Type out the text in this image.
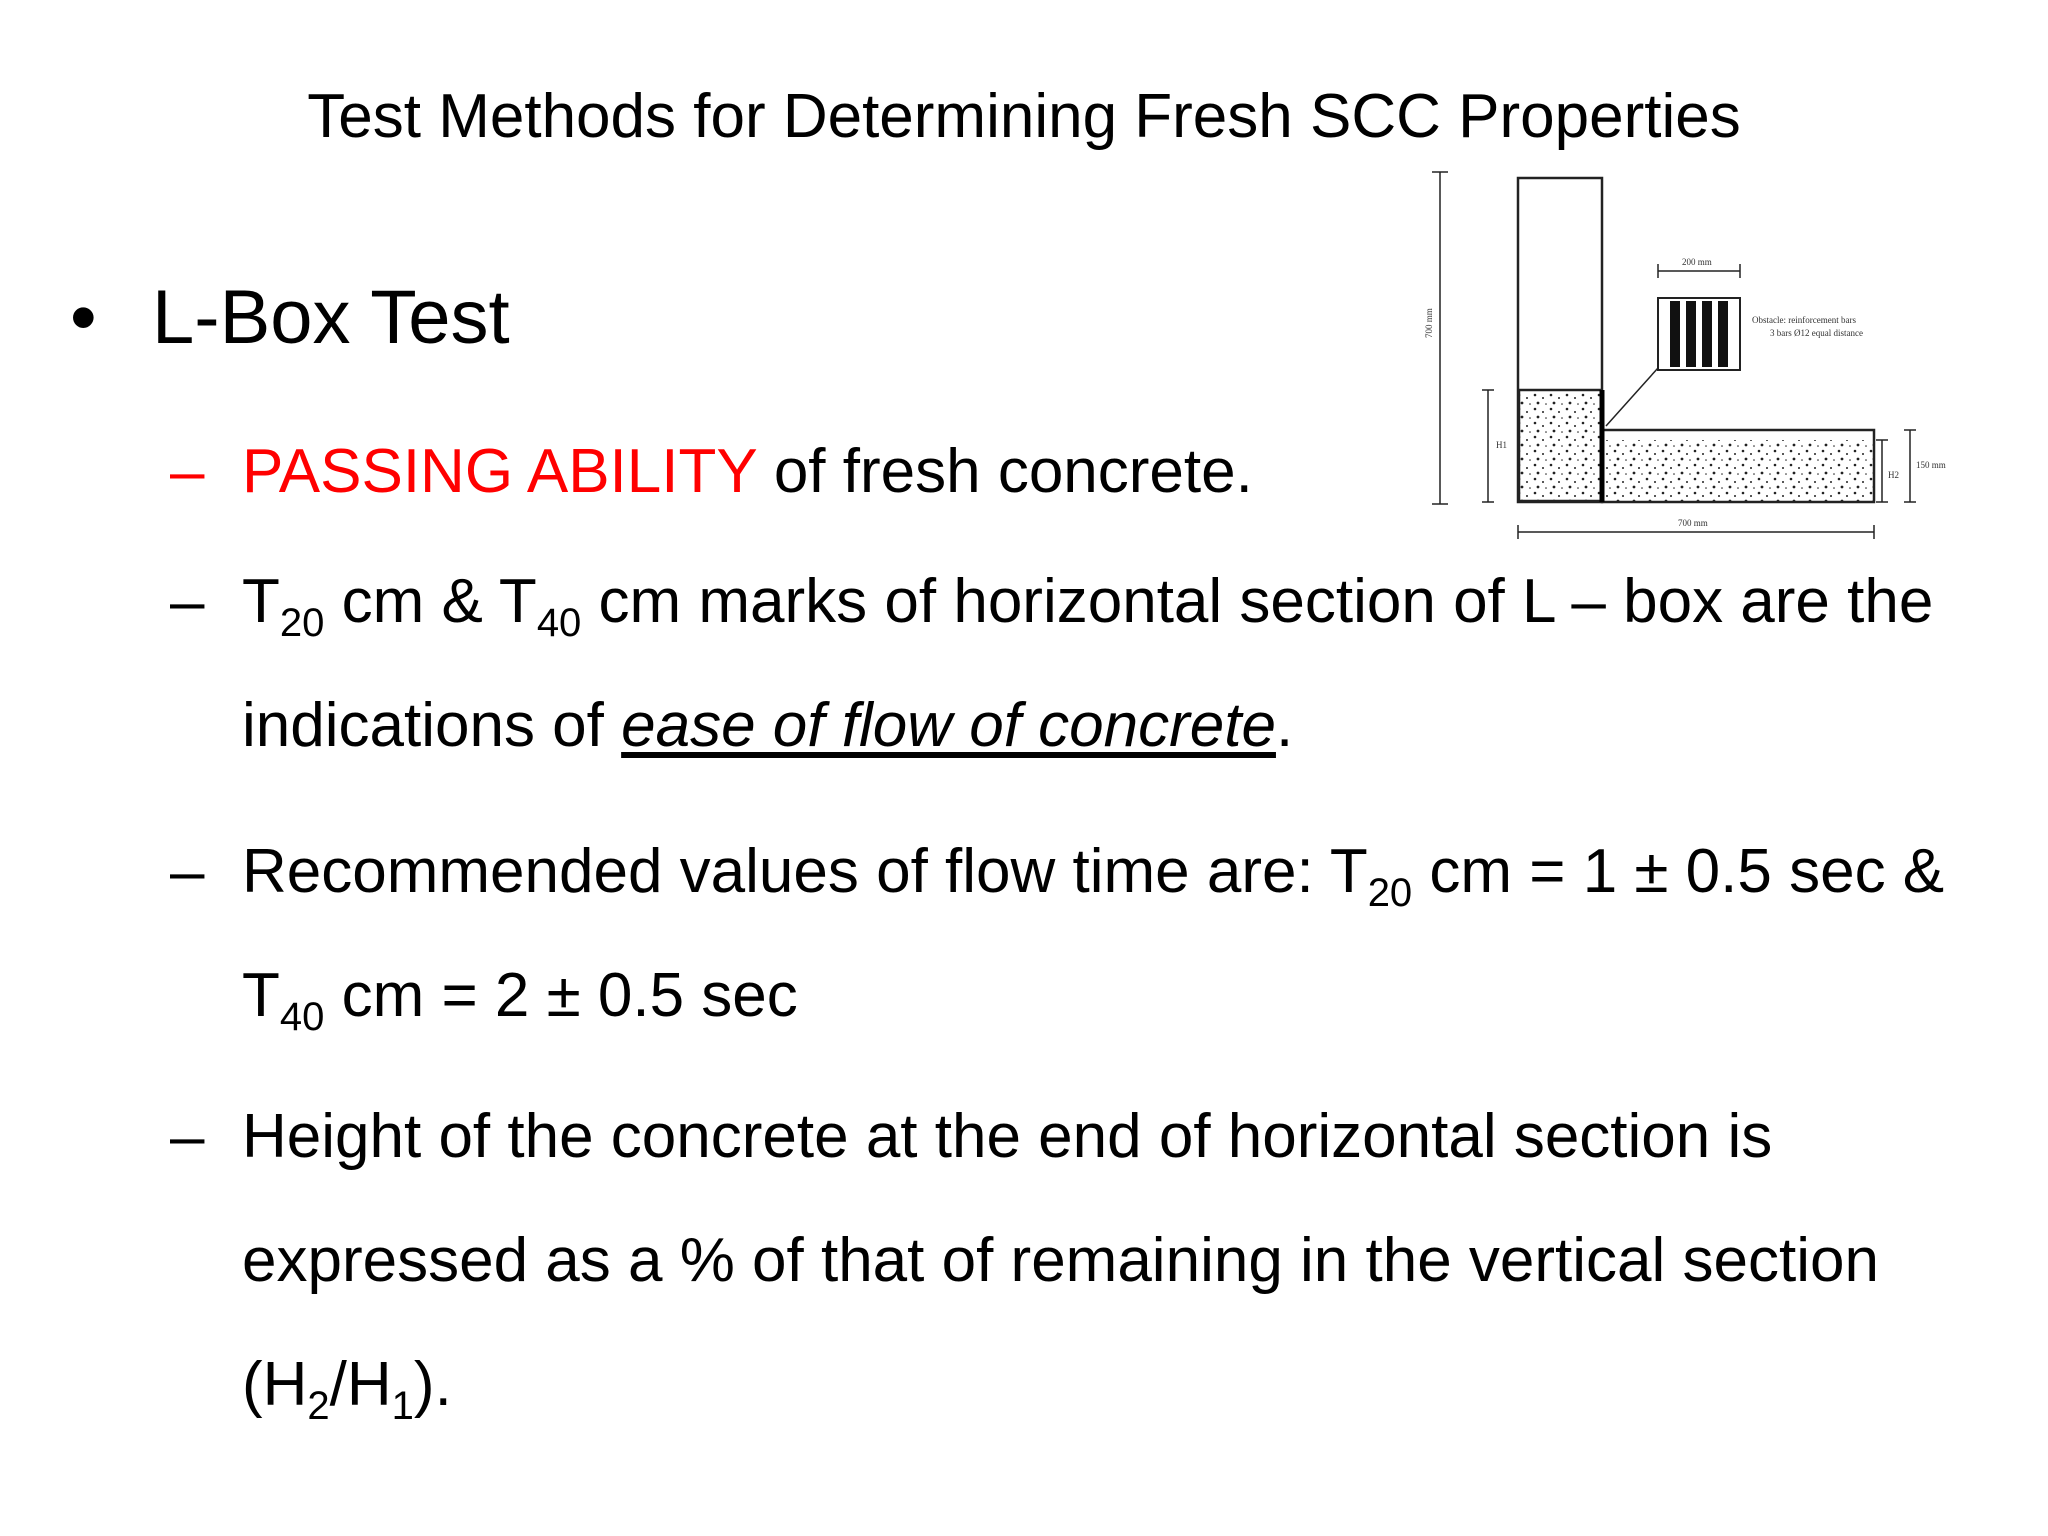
Test Methods for Determining Fresh SCC Properties
• L-Box Test
– PASSING ABILITY of fresh concrete.
– $T_{20}$ cm & $T_{40}$ cm marks of horizontal section of L – box are the indications of ease of flow of concrete.
– Recommended values of flow time are: $T_{20}$ cm = 1 ± 0.5 sec & $T_{40}$ cm = 2 ± 0.5 sec
– Height of the concrete at the end of horizontal section is expressed as a % of that of remaining in the vertical section $(H_2/H_1)$.
200 mm
Obstacle: reinforcement bars
3 bars Ø12 equal distance
700 mm
H1
H2
150 mm
700 mm
